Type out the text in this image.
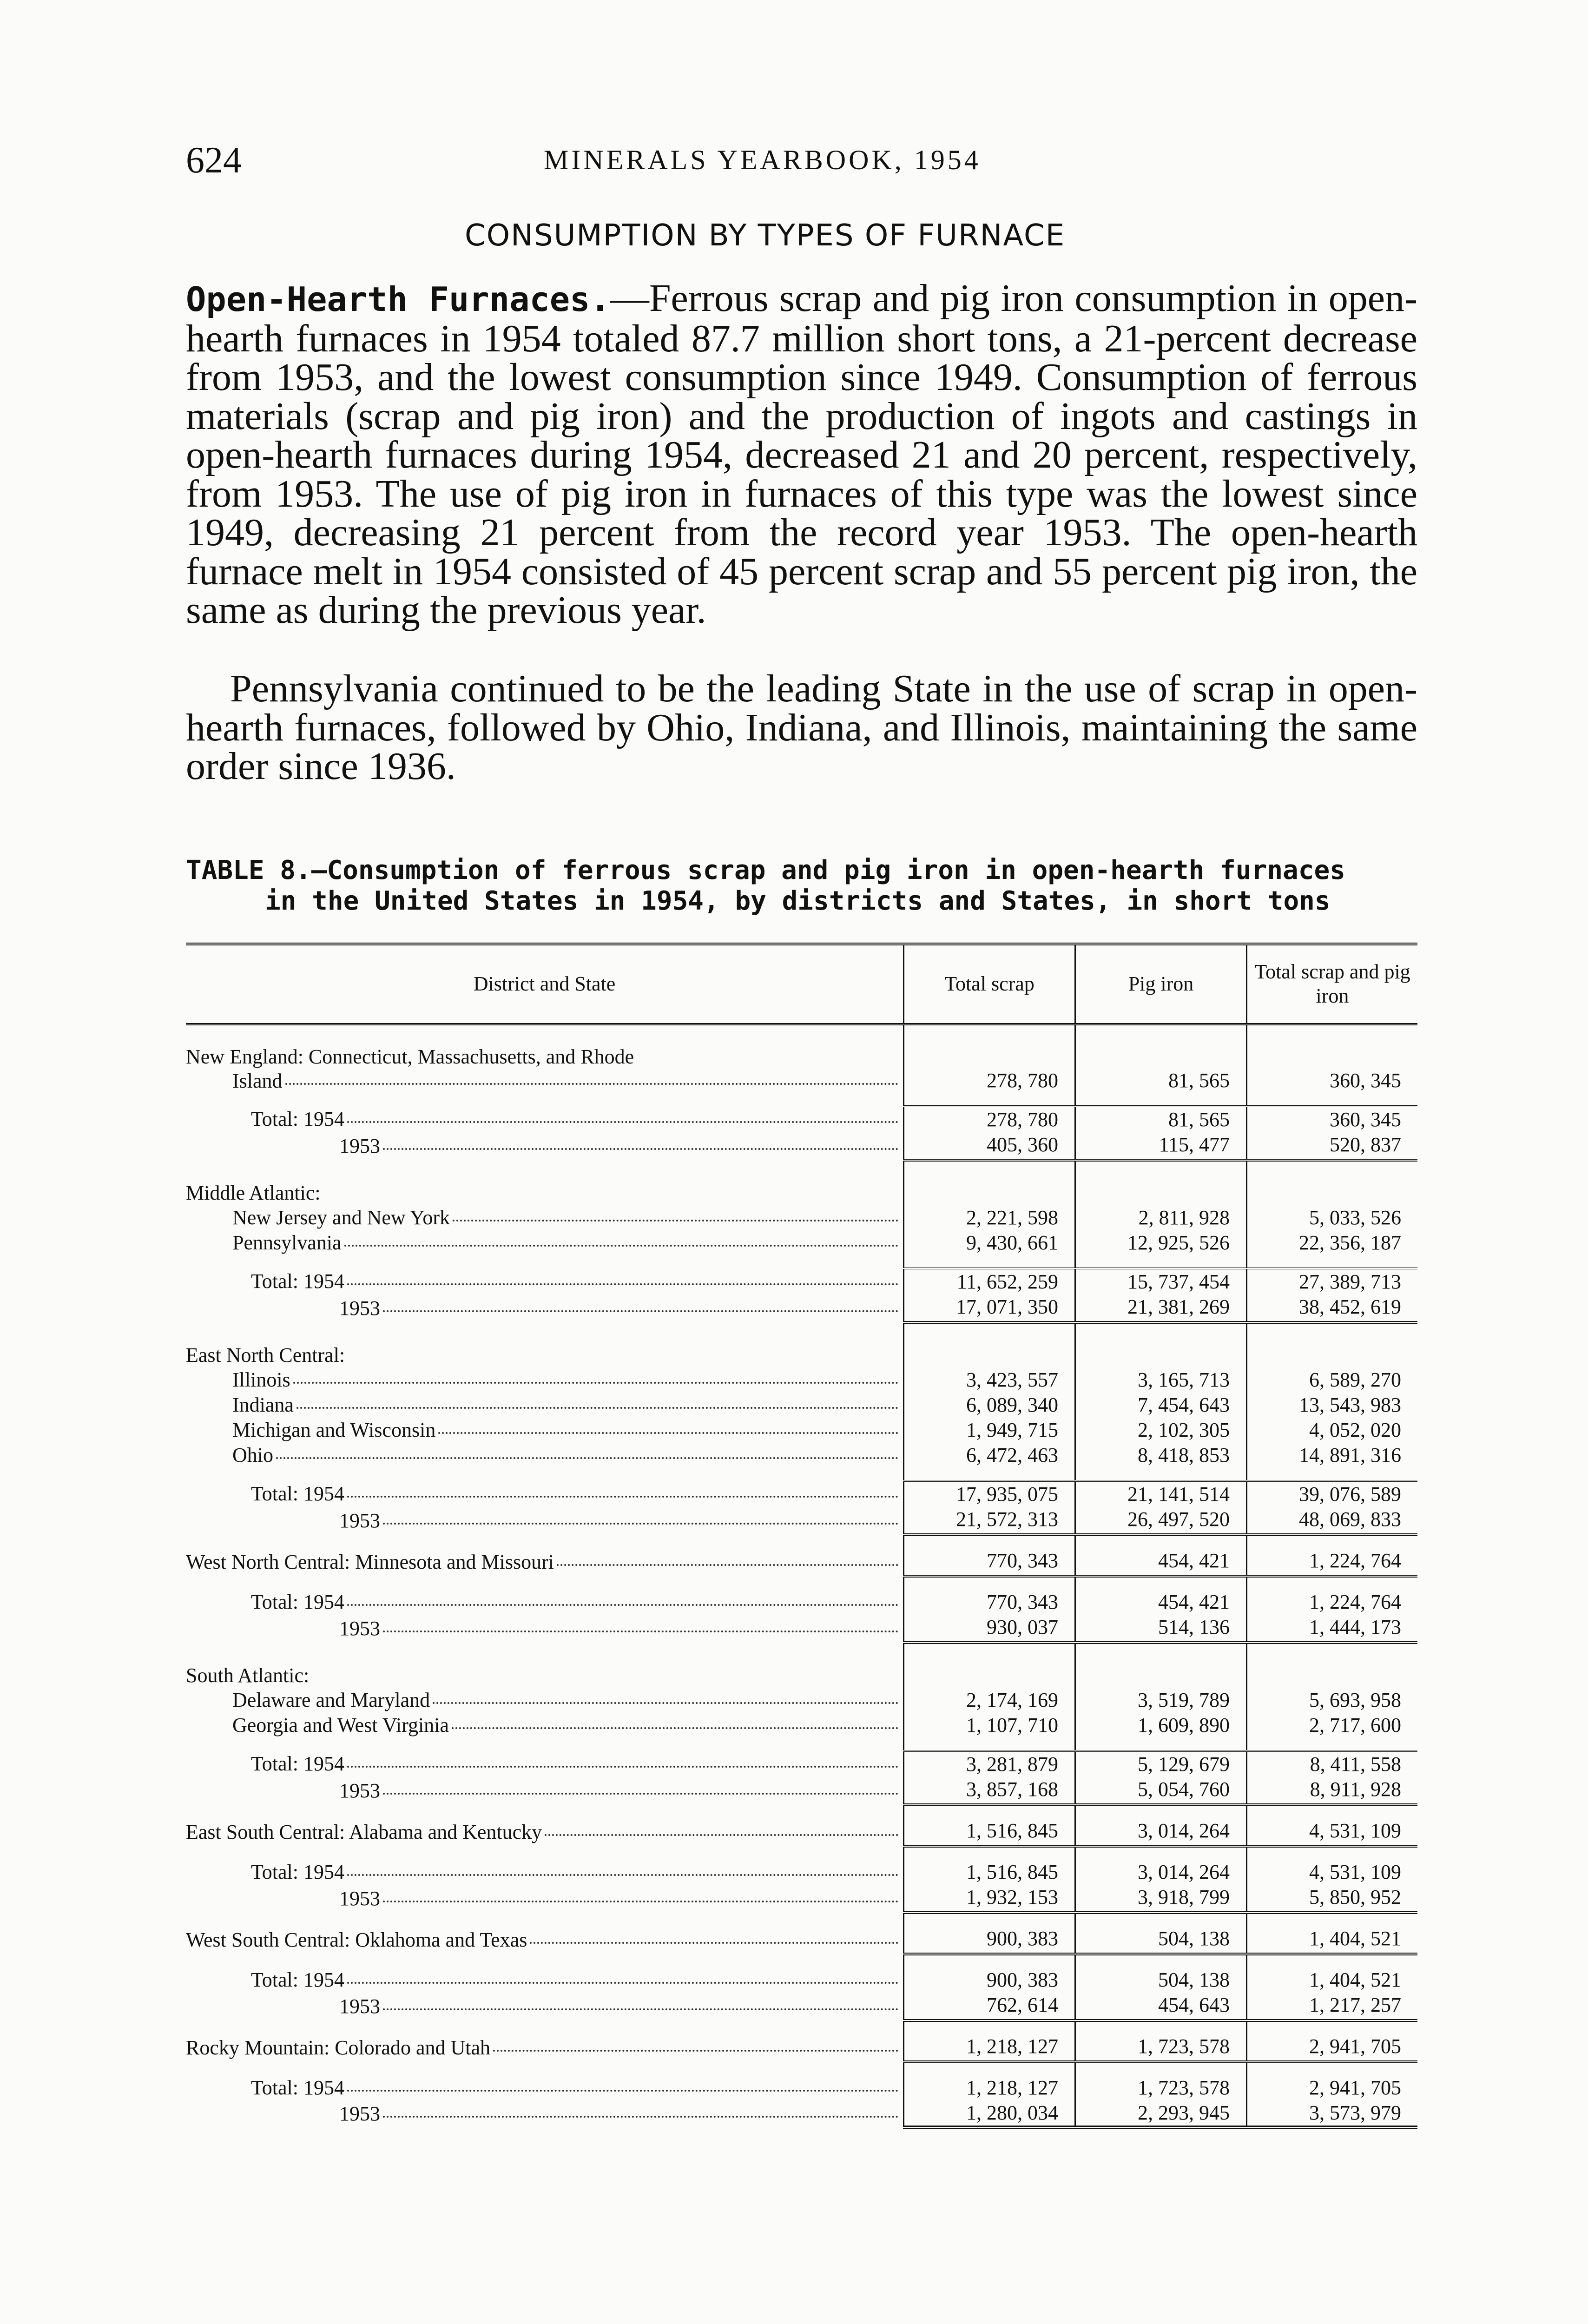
624	MINERALS YEARBOOK, 1954
CONSUMPTION BY TYPES OF FURNACE
Open-Hearth Furnaces.—Ferrous scrap and pig iron consumption in open-hearth furnaces in 1954 totaled 87.7 million short tons, a 21-percent decrease from 1953, and the lowest consumption since 1949. Consumption of ferrous materials (scrap and pig iron) and the production of ingots and castings in open-hearth furnaces during 1954, decreased 21 and 20 percent, respectively, from 1953. The use of pig iron in furnaces of this type was the lowest since 1949, decreasing 21 percent from the record year 1953. The open-hearth furnace melt in 1954 consisted of 45 percent scrap and 55 percent pig iron, the same as during the previous year.
Pennsylvania continued to be the leading State in the use of scrap in open-hearth furnaces, followed by Ohio, Indiana, and Illinois, maintaining the same order since 1936.
TABLE 8.—Consumption of ferrous scrap and pig iron in open-hearth furnaces
in the United States in 1954, by districts and States, in short tons
District and State	Total scrap	Pig iron	Total scrap and pig iron

New England: Connecticut, Massachusetts, and Rhode
Island	278, 780	81, 565	360, 345

Total:
1954	278, 780	81, 565	360, 345

1953	405, 360	115, 477	520, 837

Middle Atlantic:			

New Jersey and New York	2, 221, 598	2, 811, 928	5, 033, 526

Pennsylvania	9, 430, 661	12, 925, 526	22, 356, 187

Total:
1954	11, 652, 259	15, 737, 454	27, 389, 713

1953	17, 071, 350	21, 381, 269	38, 452, 619

East North Central:			

Illinois	3, 423, 557	3, 165, 713	6, 589, 270

Indiana	6, 089, 340	7, 454, 643	13, 543, 983

Michigan and Wisconsin	1, 949, 715	2, 102, 305	4, 052, 020

Ohio	6, 472, 463	8, 418, 853	14, 891, 316

Total:
1954	17, 935, 075	21, 141, 514	39, 076, 589

1953	21, 572, 313	26, 497, 520	48, 069, 833

West North Central: Minnesota and Missouri	770, 343	454, 421	1, 224, 764

Total:
1954	770, 343	454, 421	1, 224, 764

1953	930, 037	514, 136	1, 444, 173

South Atlantic:			

Delaware and Maryland	2, 174, 169	3, 519, 789	5, 693, 958

Georgia and West Virginia	1, 107, 710	1, 609, 890	2, 717, 600

Total:
1954	3, 281, 879	5, 129, 679	8, 411, 558

1953	3, 857, 168	5, 054, 760	8, 911, 928

East South Central: Alabama and Kentucky	1, 516, 845	3, 014, 264	4, 531, 109

Total:
1954	1, 516, 845	3, 014, 264	4, 531, 109

1953	1, 932, 153	3, 918, 799	5, 850, 952

West South Central: Oklahoma and Texas	900, 383	504, 138	1, 404, 521

Total:
1954	900, 383	504, 138	1, 404, 521

1953	762, 614	454, 643	1, 217, 257

Rocky Mountain: Colorado and Utah	1, 218, 127	1, 723, 578	2, 941, 705

Total:
1954	1, 218, 127	1, 723, 578	2, 941, 705

1953	1, 280, 034	2, 293, 945	3, 573, 979
